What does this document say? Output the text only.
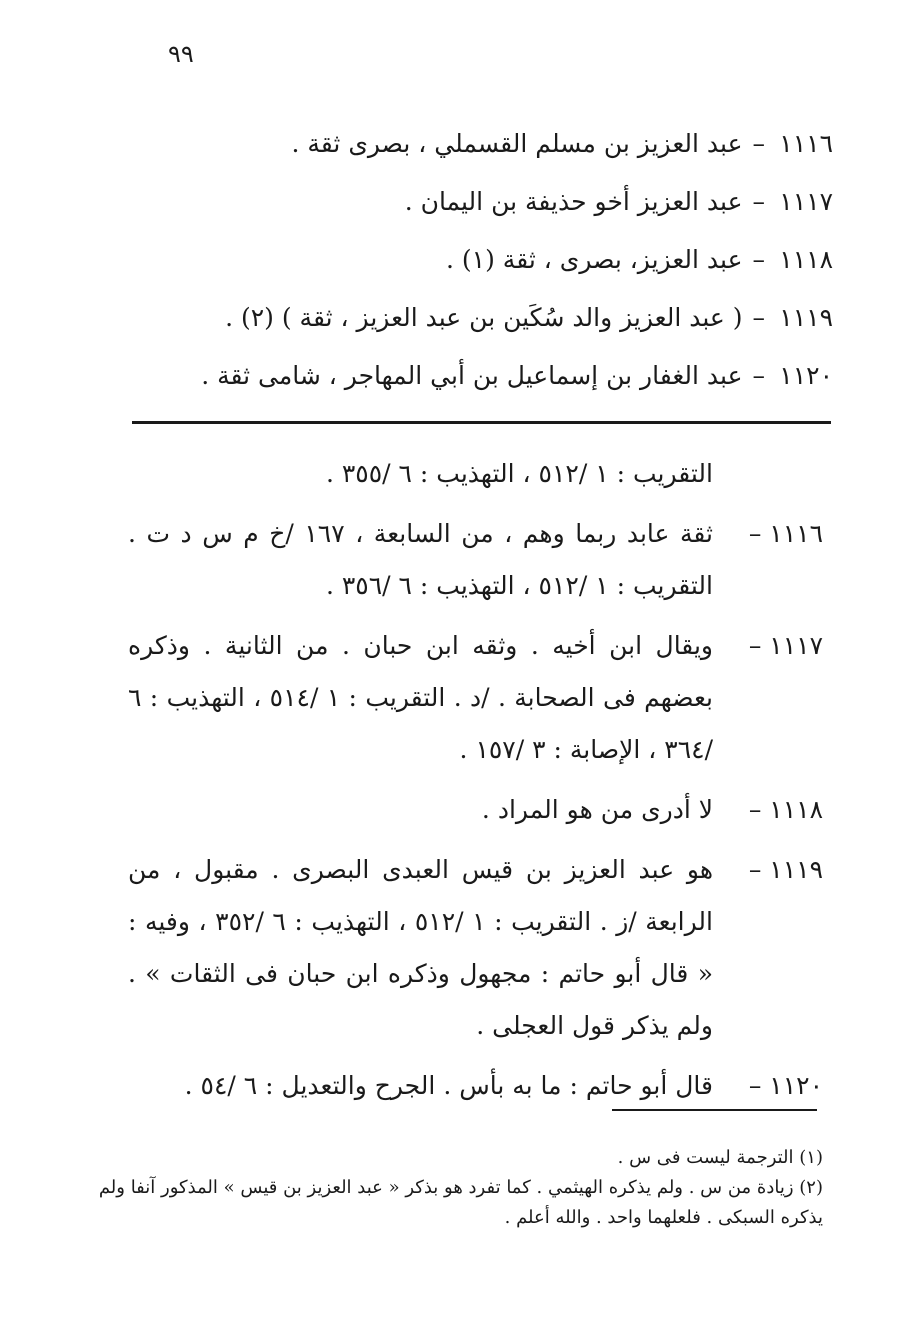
٩٩
١١١٦–عبد العزيز بن مسلم القسملي ، بصرى ثقة .
١١١٧–عبد العزيز أخو حذيفة بن اليمان .
١١١٨–عبد العزيز، بصرى ، ثقة (١) .
١١١٩–( عبد العزيز والد سُكَين بن عبد العزيز ، ثقة ) (٢) .
١١٢٠–عبد الغفار بن إسماعيل بن أبي المهاجر ، شامى ثقة .
التقريب : ١ /٥١٢ ، التهذيب : ٦ /٣٥٥ .
١١١٦ –
ثقة عابد ربما وهم ، من السابعة ، ١٦٧ /خ م س د ت . التقريب : ١ /٥١٢ ، التهذيب : ٦ /٣٥٦ .
١١١٧ –
ويقال ابن أخيه . وثقه ابن حبان . من الثانية . وذكره بعضهم فى الصحابة . /د . التقريب : ١ /٥١٤ ، التهذيب : ٦ /٣٦٤ ، الإصابة : ٣ /١٥٧ .
١١١٨ –
لا أدرى من هو المراد .
١١١٩ –
هو عبد العزيز بن قيس العبدى البصرى . مقبول ، من الرابعة /ز . التقريب : ١ /٥١٢ ، التهذيب : ٦ /٣٥٢ ، وفيه : « قال أبو حاتم : مجهول وذكره ابن حبان فى الثقات » . ولم يذكر قول العجلى .
١١٢٠ –
قال أبو حاتم : ما به بأس . الجرح والتعديل : ٦ /٥٤ .
(١) الترجمة ليست فى س .
(٢) زيادة من س . ولم يذكره الهيثمي . كما تفرد هو بذكر « عبد العزيز بن قيس » المذكور آنفا ولم يذكره السبكى . فلعلهما واحد . والله أعلم .
